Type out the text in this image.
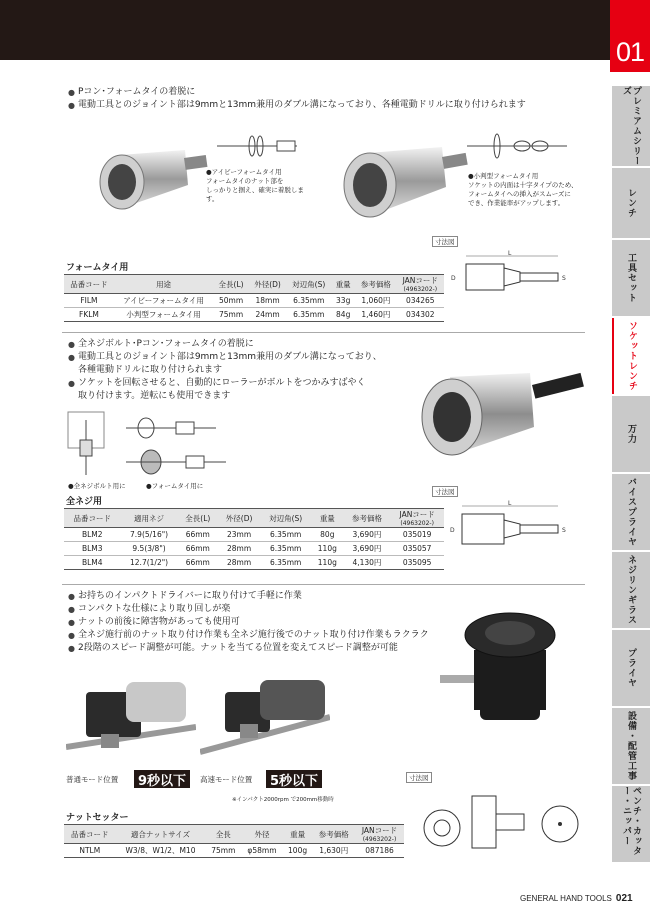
01
プレミアムシリーズ
レンチ
工具セット
ソケットレンチ
万力
バイスプライヤ
ネジリンギラス
プライヤ
設備・配管工事
ペンチ・カッター・ニッパー
● Pコン･フォームタイの着脱に
● 電動工具とのジョイント部は9mmと13mm兼用のダブル溝になっており、各種電動ドリルに取り付けられます
●アイビーフォームタイ用
フォームタイのナット部を
しっかりと掴え、確実に着脱します。
●小判型フォームタイ用
ソケットの内面は十字タイプのため、
フォームタイへの挿入がスムーズに
でき、作業能率がアップします。
寸法図
L
D	S
フォームタイ用
品番コード	用途	全長(L)	外径(D)	対辺角(S)	重量	参考価格	JANコード
(4963202-)

FILM	アイビーフォームタイ用	50mm	18mm	6.35mm	33g	1,060円	034265
FKLM	小判型フォームタイ用	75mm	24mm	6.35mm	84g	1,460円	034302
● 全ネジボルト･Pコン･フォームタイの着脱に
● 電動工具とのジョイント部は9mmと13mm兼用のダブル溝になっており、
各種電動ドリルに取り付けられます
● ソケットを回転させると、自動的にローラーがボルトをつかみすばやく
取り付けます。逆転にも使用できます
●全ネジボルト用に	●フォームタイ用に
寸法図
L
D	S
全ネジ用
品番コード	適用ネジ	全長(L)	外径(D)	対辺角(S)	重量	参考価格	JANコード
(4963202-)

BLM2	7.9(5/16")	66mm	23mm	6.35mm	80g	3,690円	035019
BLM3	9.5(3/8")	66mm	28mm	6.35mm	110g	3,690円	035057
BLM4	12.7(1/2")	66mm	28mm	6.35mm	110g	4,130円	035095
● お持ちのインパクトドライバーに取り付けて手軽に作業
● コンパクトな仕様により取り回しが楽
● ナットの前後に障害物があっても使用可
● 全ネジ施行前のナット取り付け作業も全ネジ施行後でのナット取り付け作業もラクラク
● 2段階のスピード調整が可能。ナットを当てる位置を変えてスピード調整が可能
普通モード位置	9秒以下	高速モード位置	5秒以下
※インパクト2000rpm で200mm移動時
寸法図
ナットセッター
品番コード	適合ナットサイズ	全長	外径	重量	参考価格	JANコード
(4963202-)

NTLM	W3/8、W1/2、M10	75mm	φ58mm	100g	1,630円	087186
GENERAL HAND TOOLS 021
